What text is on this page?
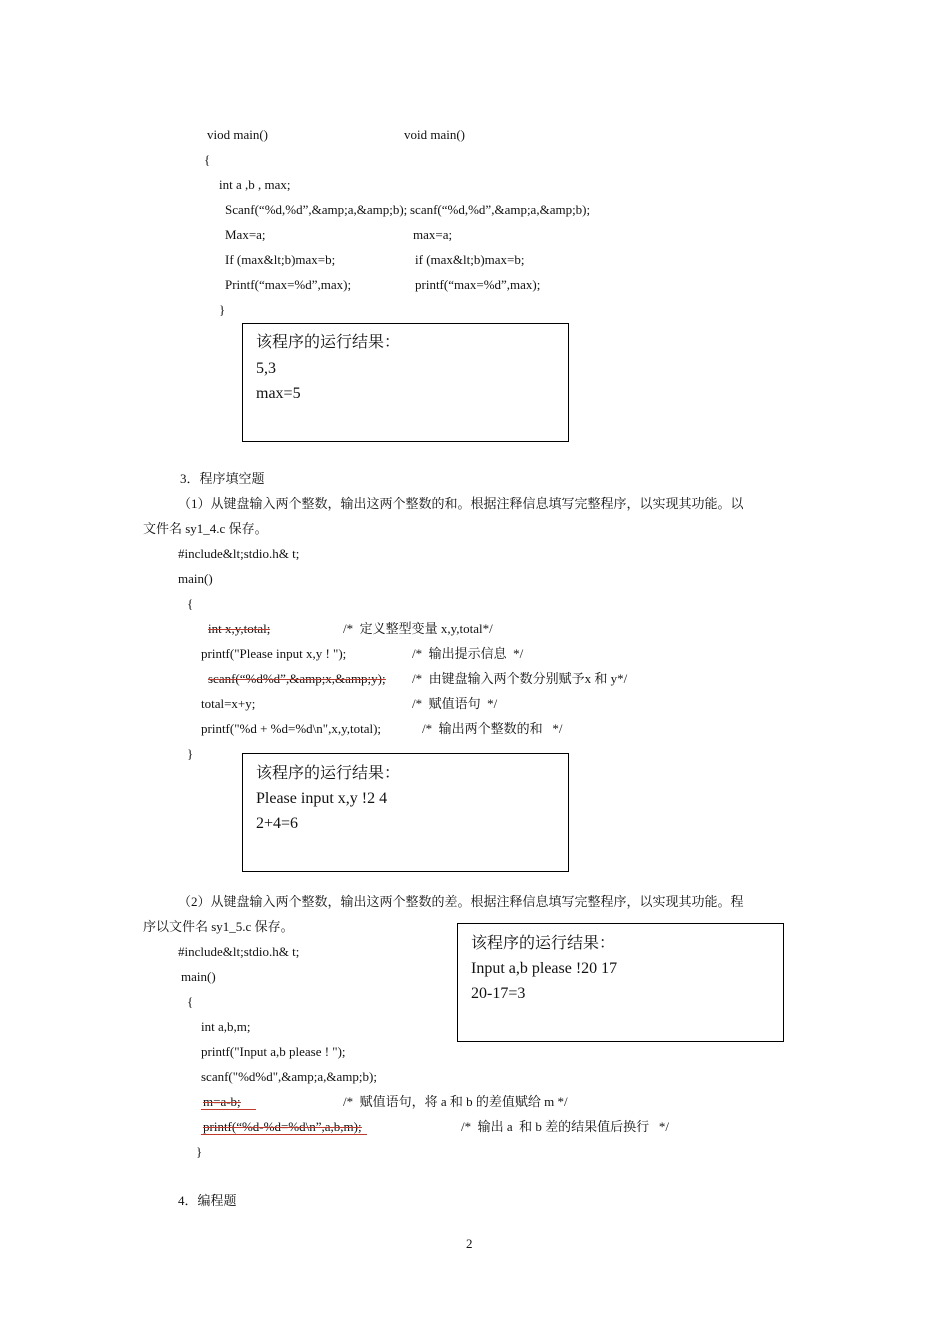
viod main()	void main()
{
int a ,b , max;
Scanf(“%d,%d”,&amp;a,&amp;b); scanf(“%d,%d”,&amp;a,&amp;b);
Max=a;	max=a;
If (max&lt;b)max=b;	if (max&lt;b)max=b;
Printf(“max=%d”,max);	printf(“max=%d”,max);
}
该程序的运行结果：
5,3
max=5
3．程序填空题
（1）从键盘输入两个整数，输出这两个整数的和。根据注释信息填写完整程序，以实现其功能。以
文件名 sy1_4.c 保存。
#include&lt;stdio.h& t;
main()
{
int x,y,total;	/*  定义整型变量 x,y,total*/
printf("Please input x,y ! ");	/*  输出提示信息  */
scanf(“%d%d”,&amp;x,&amp;y); /*  由键盘输入两个数分别赋予x 和 y*/
total=x+y;	/*  赋值语句  */
printf("%d + %d=%d\n",x,y,total);	/*  输出两个整数的和   */
}
该程序的运行结果：
Please input x,y !2 4
2+4=6
（2）从键盘输入两个整数，输出这两个整数的差。根据注释信息填写完整程序，以实现其功能。程
序以文件名 sy1_5.c 保存。
#include&lt;stdio.h& t;
main()
{
int a,b,m;
printf("Input a,b please ! ");
scanf("%d%d",&amp;a,&amp;b);
m=a-b;	/*  赋值语句，将 a 和 b 的差值赋给 m */
printf(“%d-%d=%d\n”,a,b,m);	/*  输出 a  和 b 差的结果值后换行   */
}
该程序的运行结果：
Input a,b please !20 17
20-17=3
4．编程题
2
